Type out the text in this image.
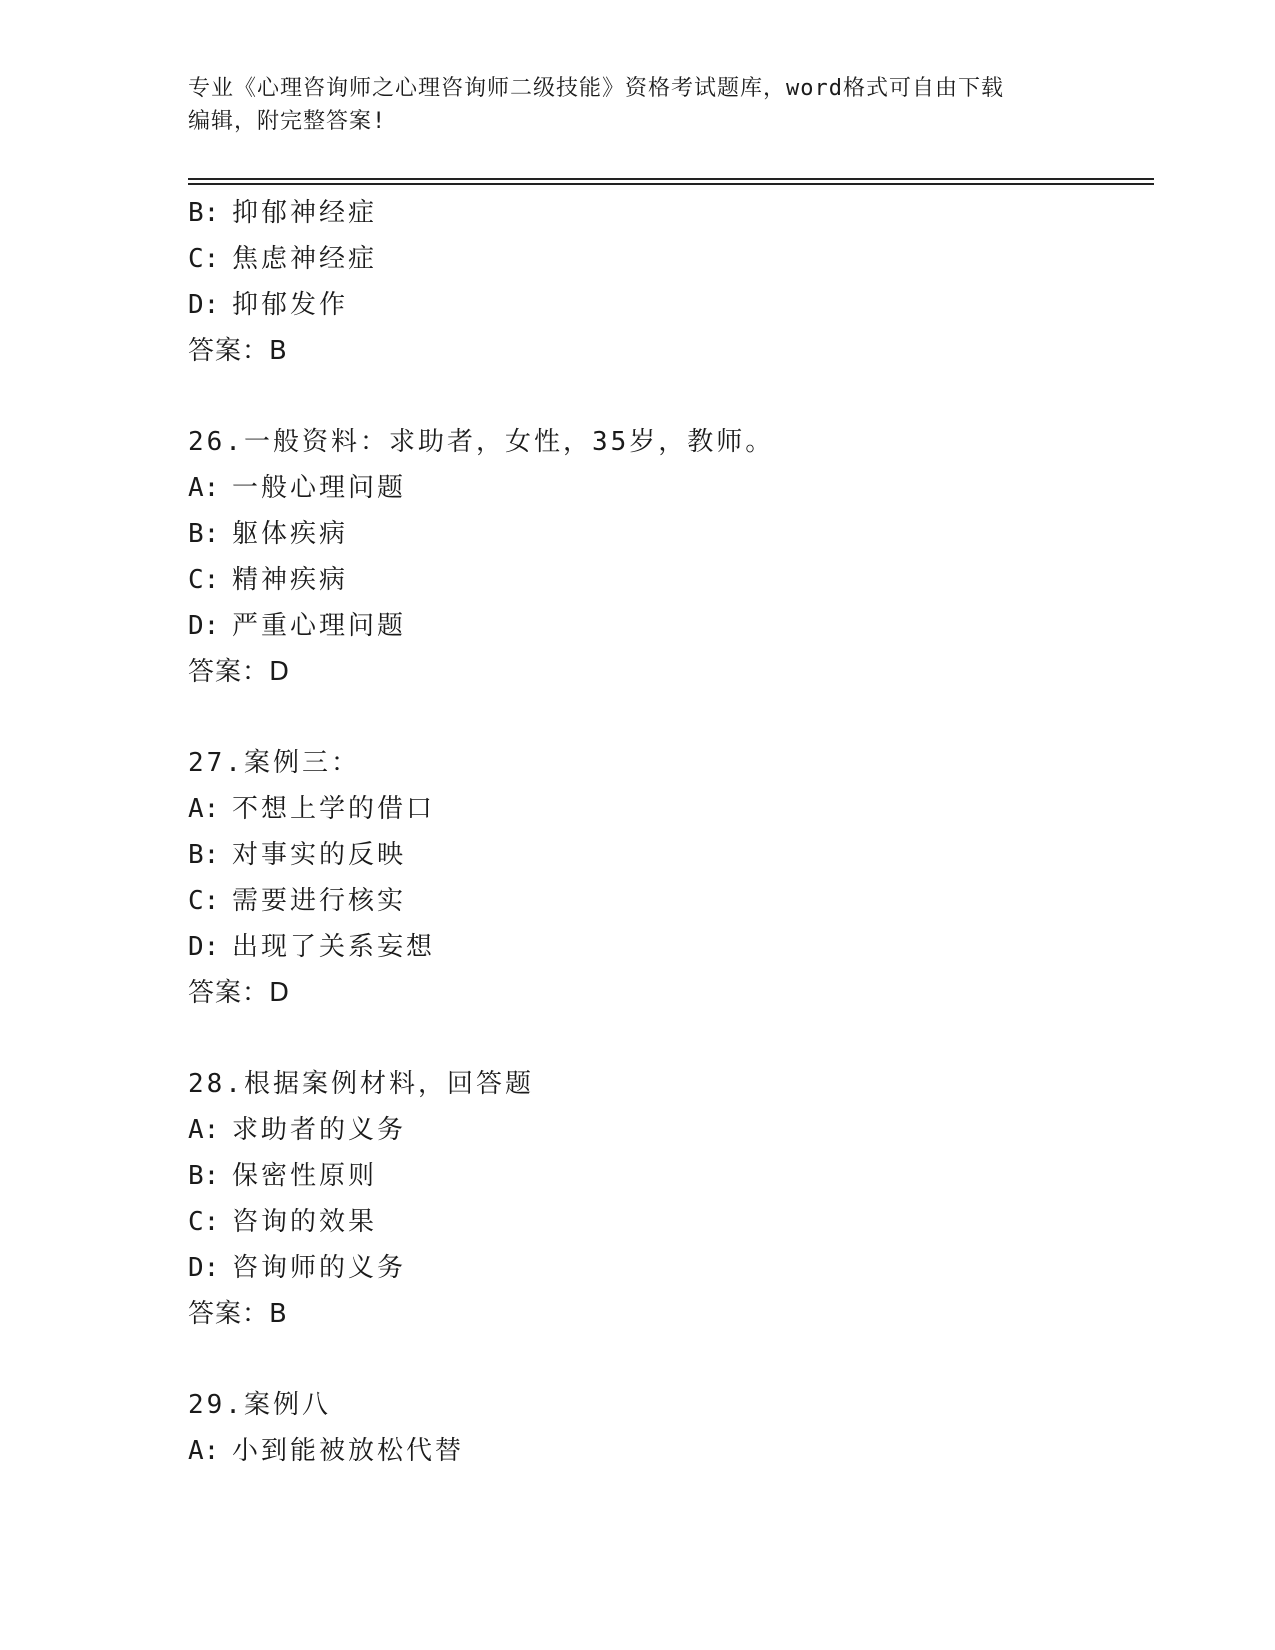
专业《心理咨询师之心理咨询师二级技能》资格考试题库，word格式可自由下载
编辑，附完整答案!
B: 抑郁神经症
C: 焦虑神经症
D: 抑郁发作
答案：B
26.一般资料：求助者，女性，35岁，教师。
A: 一般心理问题
B: 躯体疾病
C: 精神疾病
D: 严重心理问题
答案：D
27.案例三：
A: 不想上学的借口
B: 对事实的反映
C: 需要进行核实
D: 出现了关系妄想
答案：D
28.根据案例材料，回答题
A: 求助者的义务
B: 保密性原则
C: 咨询的效果
D: 咨询师的义务
答案：B
29.案例八
A: 小到能被放松代替
